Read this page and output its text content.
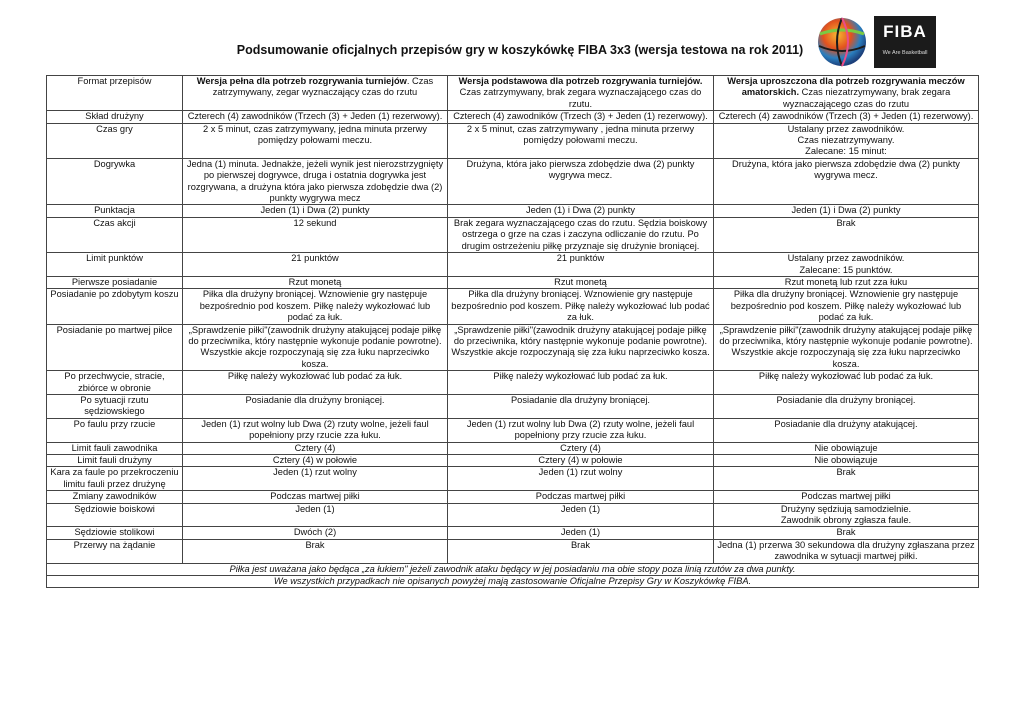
Podsumowanie oficjalnych przepisów gry w koszykówkę FIBA 3x3 (wersja testowa na rok 2011)
FIBA
We Are Basketball
Format przepisów	Wersja pełna dla potrzeb rozgrywania turniejów. Czas zatrzymywany, zegar wyznaczający czas do rzutu	Wersja podstawowa dla potrzeb rozgrywania turniejów. Czas zatrzymywany, brak zegara wyznaczającego czas do rzutu.	Wersja uproszczona dla potrzeb rozgrywania meczów amatorskich. Czas niezatrzymywany, brak zegara wyznaczającego czas do rzutu
Skład drużyny	Czterech (4) zawodników (Trzech (3) + Jeden (1) rezerwowy).	Czterech (4) zawodników (Trzech (3) + Jeden (1) rezerwowy).	Czterech (4) zawodników (Trzech (3) + Jeden (1) rezerwowy).
Czas gry	2 x 5 minut, czas zatrzymywany, jedna minuta przerwy pomiędzy połowami meczu.	2 x 5 minut, czas zatrzymywany , jedna minuta przerwy pomiędzy połowami meczu.	Ustalany przez zawodników.
Czas niezatrzymywany.
Zalecane: 15 minut:
Dogrywka	Jedna (1) minuta. Jednakże, jeżeli wynik jest nierozstrzygnięty po pierwszej dogrywce, druga i ostatnia dogrywka jest rozgrywana, a drużyna która jako pierwsza zdobędzie dwa (2) punkty wygrywa mecz	Drużyna, która jako pierwsza zdobędzie dwa (2) punkty wygrywa mecz.	Drużyna, która jako pierwsza zdobędzie dwa (2) punkty wygrywa mecz.
Punktacja	Jeden (1) i Dwa (2) punkty	Jeden (1) i Dwa (2) punkty	Jeden (1) i Dwa (2) punkty
Czas akcji	12 sekund	Brak zegara wyznaczającego czas do rzutu. Sędzia boiskowy ostrzega o grze na czas i zaczyna odliczanie do rzutu. Po drugim ostrzeżeniu piłkę przyznaje się drużynie broniącej.	Brak
Limit punktów	21 punktów	21 punktów	Ustalany przez zawodników.
Zalecane: 15 punktów.
Pierwsze posiadanie	Rzut monetą	Rzut monetą	Rzut monetą lub rzut zza łuku
Posiadanie po zdobytym koszu	Piłka dla drużyny broniącej. Wznowienie gry następuje bezpośrednio pod koszem. Piłkę należy wykozłować lub podać za łuk.	Piłka dla drużyny broniącej. Wznowienie gry następuje bezpośrednio pod koszem. Piłkę należy wykozłować lub podać za łuk.	Piłka dla drużyny broniącej. Wznowienie gry następuje bezpośrednio pod koszem. Piłkę należy wykozłować lub podać za łuk.
Posiadanie po martwej piłce	„Sprawdzenie piłki"(zawodnik drużyny atakującej podaje piłkę do przeciwnika, który następnie wykonuje podanie powrotne). Wszystkie akcje rozpoczynają się zza łuku naprzeciwko kosza.	„Sprawdzenie piłki"(zawodnik drużyny atakującej podaje piłkę do przeciwnika, który następnie wykonuje podanie powrotne). Wszystkie akcje rozpoczynają się zza łuku naprzeciwko kosza.	„Sprawdzenie piłki"(zawodnik drużyny atakującej podaje piłkę do przeciwnika, który następnie wykonuje podanie powrotne). Wszystkie akcje rozpoczynają się zza łuku naprzeciwko kosza.
Po przechwycie, stracie, zbiórce w obronie	Piłkę należy wykozłować lub podać za łuk.	Piłkę należy wykozłować lub podać za łuk.	Piłkę należy wykozłować lub podać za łuk.
Po sytuacji rzutu sędziowskiego	Posiadanie dla drużyny broniącej.	Posiadanie dla drużyny broniącej.	Posiadanie dla drużyny broniącej.
Po faulu przy rzucie	Jeden (1) rzut wolny lub Dwa (2) rzuty wolne, jeżeli faul popełniony przy rzucie zza łuku.	Jeden (1) rzut wolny lub Dwa (2) rzuty wolne, jeżeli faul popełniony przy rzucie zza łuku.	Posiadanie dla drużyny atakującej.
Limit fauli zawodnika	Cztery (4)	Cztery (4)	Nie obowiązuje
Limit fauli drużyny	Cztery (4) w połowie	Cztery (4) w połowie	Nie obowiązuje
Kara za faule po przekroczeniu limitu fauli przez drużynę	Jeden (1) rzut wolny	Jeden (1) rzut wolny	Brak
Zmiany zawodników	Podczas martwej piłki	Podczas martwej piłki	Podczas martwej piłki
Sędziowie boiskowi	Jeden (1)	Jeden (1)	Drużyny sędziują samodzielnie.
Zawodnik obrony zgłasza faule.
Sędziowie stolikowi	Dwóch (2)	Jeden (1)	Brak
Przerwy na żądanie	Brak	Brak	Jedna (1) przerwa 30 sekundowa dla drużyny zgłaszana przez zawodnika w sytuacji martwej piłki.
Piłka jest uważana jako będąca „za łukiem" jeżeli zawodnik ataku będący w jej posiadaniu ma obie stopy poza linią rzutów za dwa punkty.			
We wszystkich przypadkach nie opisanych powyżej mają zastosowanie Oficjalne Przepisy Gry w Koszykówkę FIBA.			
